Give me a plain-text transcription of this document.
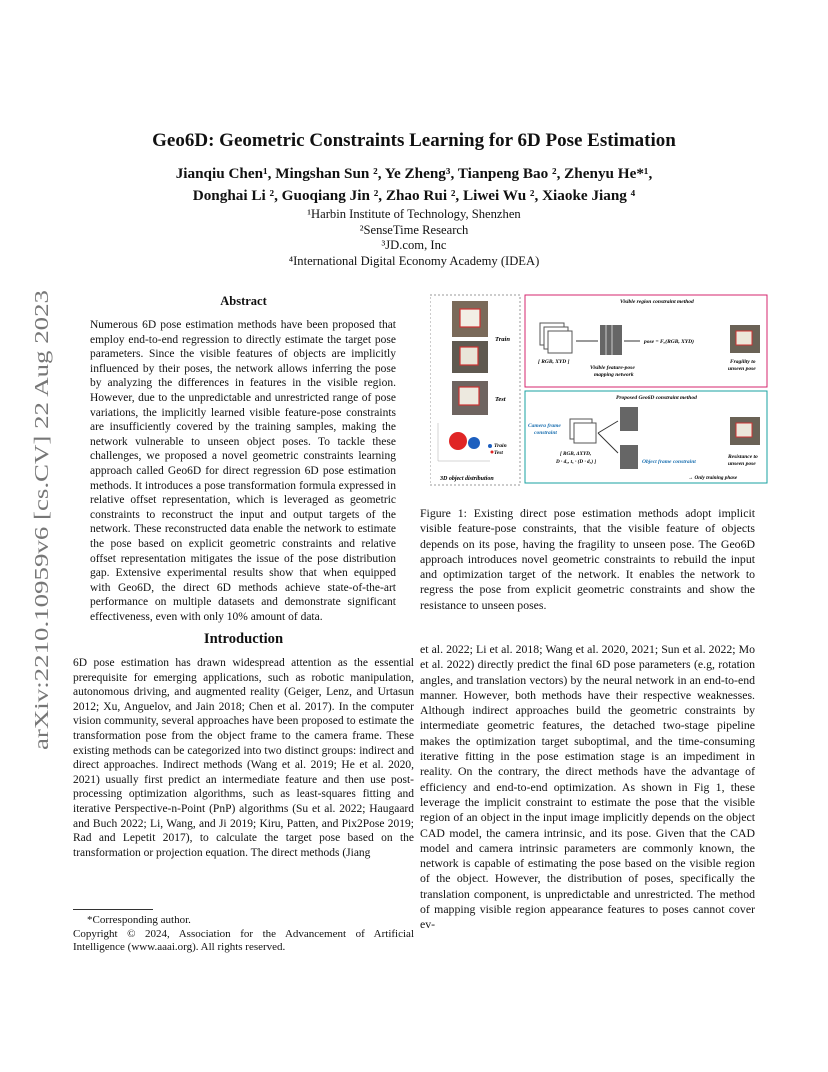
arXiv:2210.10959v6 [cs.CV] 22 Aug 2023
Geo6D: Geometric Constraints Learning for 6D Pose Estimation
Jianqiu Chen¹, Mingshan Sun ², Ye Zheng³, Tianpeng Bao ², Zhenyu He*¹,
Donghai Li ², Guoqiang Jin ², Zhao Rui ², Liwei Wu ², Xiaoke Jiang ⁴
¹Harbin Institute of Technology, Shenzhen
²SenseTime Research
³JD.com, Inc
⁴International Digital Economy Academy (IDEA)
Abstract
Numerous 6D pose estimation methods have been proposed that employ end-to-end regression to directly estimate the target pose parameters. Since the visible features of objects are implicitly influenced by their poses, the network allows inferring the pose by analyzing the differences in features in the visible region. However, due to the unpredictable and unrestricted range of pose variations, the implicitly learned visible feature-pose constraints are insufficiently covered by the training samples, making the network vulnerable to unseen object poses. To tackle these challenges, we proposed a novel geometric constraints learning approach called Geo6D for direct regression 6D pose estimation methods. It introduces a pose transformation formula expressed in relative offset representation, which is leveraged as geometric constraints to reconstruct the input and output targets of the network. These reconstructed data enable the network to estimate the pose based on explicit geometric constraints and relative offset representation mitigates the issue of the pose distribution gap. Extensive experimental results show that when equipped with Geo6D, the direct 6D methods achieve state-of-the-art performance on multiple datasets and demonstrate significant effectiveness, even with only 10% amount of data.
Introduction
6D pose estimation has drawn widespread attention as the essential prerequisite for emerging applications, such as robotic manipulation, autonomous driving, and augmented reality (Geiger, Lenz, and Urtasun 2012; Xu, Anguelov, and Jain 2018; Chen et al. 2017). In the computer vision community, several approaches have been proposed to estimate the transformation pose from the object frame to the camera frame. These existing methods can be categorized into two distinct groups: indirect and direct approaches. Indirect methods (Wang et al. 2019; He et al. 2020, 2021) usually first predict an intermediate feature and then use post-processing optimization algorithms, such as least-squares fitting and iterative Perspective-n-Point (PnP) algorithms (Su et al. 2022; Haugaard and Buch 2022; Li, Wang, and Ji 2019; Kiru, Patten, and Pix2Pose 2019; Rad and Lepetit 2017), to calculate the target pose based on the transformation or projection equation. The direct methods (Jiang
*Corresponding author.
Copyright © 2024, Association for the Advancement of Artificial Intelligence (www.aaai.org). All rights reserved.
Train
Test
Train
Test
3D object distribution
Visible region constraint method
[ RGB, XYD ]
pose = Fₒ(RGB, XYD)
Visible feature-pose
mapping network
Fragility to
unseen pose
Proposed Geo6D constraint method
Camera frame
constraint
[ RGB, ΔXYD,
D · dₓ, tₓ · (D · dₓ) ]	Object frame constraint
Resistance to
unseen pose
→ Only training phase
Figure 1: Existing direct pose estimation methods adopt implicit visible feature-pose constraints, that the visible feature of objects depends on its pose, having the fragility to unseen pose. The Geo6D approach introduces novel geometric constraints to rebuild the input and optimization target of the network. It enables the network to regress the pose from explicit geometric constraints and show the resistance to unseen poses.
et al. 2022; Li et al. 2018; Wang et al. 2020, 2021; Sun et al. 2022; Mo et al. 2022) directly predict the final 6D pose parameters (e.g, rotation angles, and translation vectors) by the neural network in an end-to-end manner. However, both methods have their respective weaknesses. Although indirect approaches build the geometric constraints by intermediate geometric features, the detached two-stage pipeline makes the optimization target suboptimal, and the time-consuming iterative fitting in the pose estimation stage is an impediment in reality. On the contrary, the direct methods have the advantage of efficiency and end-to-end optimization. As shown in Fig 1, these leverage the implicit constraint to estimate the pose that the visible region of an object in the input image implicitly depends on the object CAD model, the camera intrinsic, and its pose. Given that the CAD model and camera intrinsic parameters are commonly known, the network is capable of estimating the pose based on the visible region of the object. However, the distribution of poses, specifically the translation component, is unpredictable and unrestricted. The method of mapping visible region appearance features to poses cannot cover ev-
